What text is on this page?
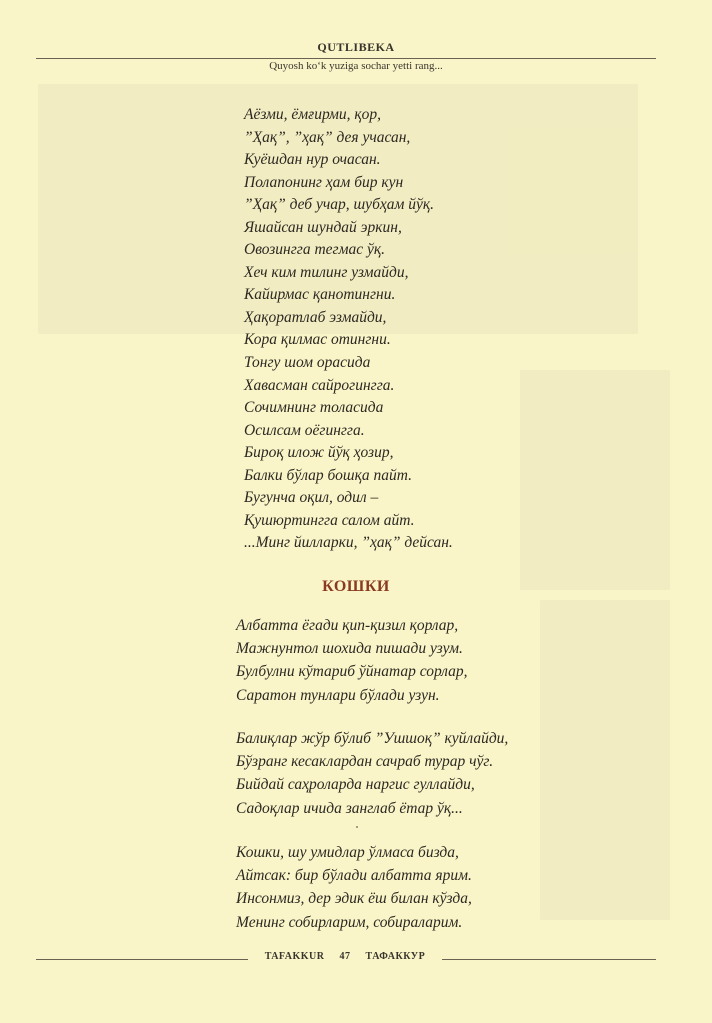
QUTLIBEKA
Quyosh ko‘k yuziga sochar yetti rang...
Аёзми, ёмғирми, қор,
”Ҳақ”, ”ҳақ” дея учасан,
Куёшдан нур очасан.
Полапонинг ҳам бир кун
”Ҳақ” деб учар, шубҳам йўқ.
Яшайсан шундай эркин,
Овозингга тегмас ўқ.
Хеч ким тилинг узмайди,
Кайирмас қанотингни.
Ҳақоратлаб эзмайди,
Кора қилмас отингни.
Тонгу шом орасида
Хавасман сайрогингга.
Сочимнинг толасида
Осилсам оёгингга.
Бироқ илож йўқ ҳозир,
Балки бўлар бошқа пайт.
Бугунча оқил, одил –
Қушюртингга салом айт.
...Минг йилларки, ”ҳақ” дейсан.
КОШКИ
Албатта ёгади қип-қизил қорлар,
Мажнунтол шохида пишади узум.
Булбулни кўтариб ўйнатар сорлар,
Саратон тунлари бўлади узун.
Балиқлар жўр бўлиб ”Ушшоқ” куйлайди,
Бўзранг кесаклардан сачраб турар чўг.
Бийдай саҳроларда наргис гуллайди,
Садоқлар ичида занглаб ётар ўқ...
Кошки, шу умидлар ўлмаса бизда,
Айтсак: бир бўлади албатта ярим.
Инсонмиз, дер эдик ёш билан кўзда,
Менинг собирларим, собираларим.
TAFAKKUR 47 ТАФАККУР
